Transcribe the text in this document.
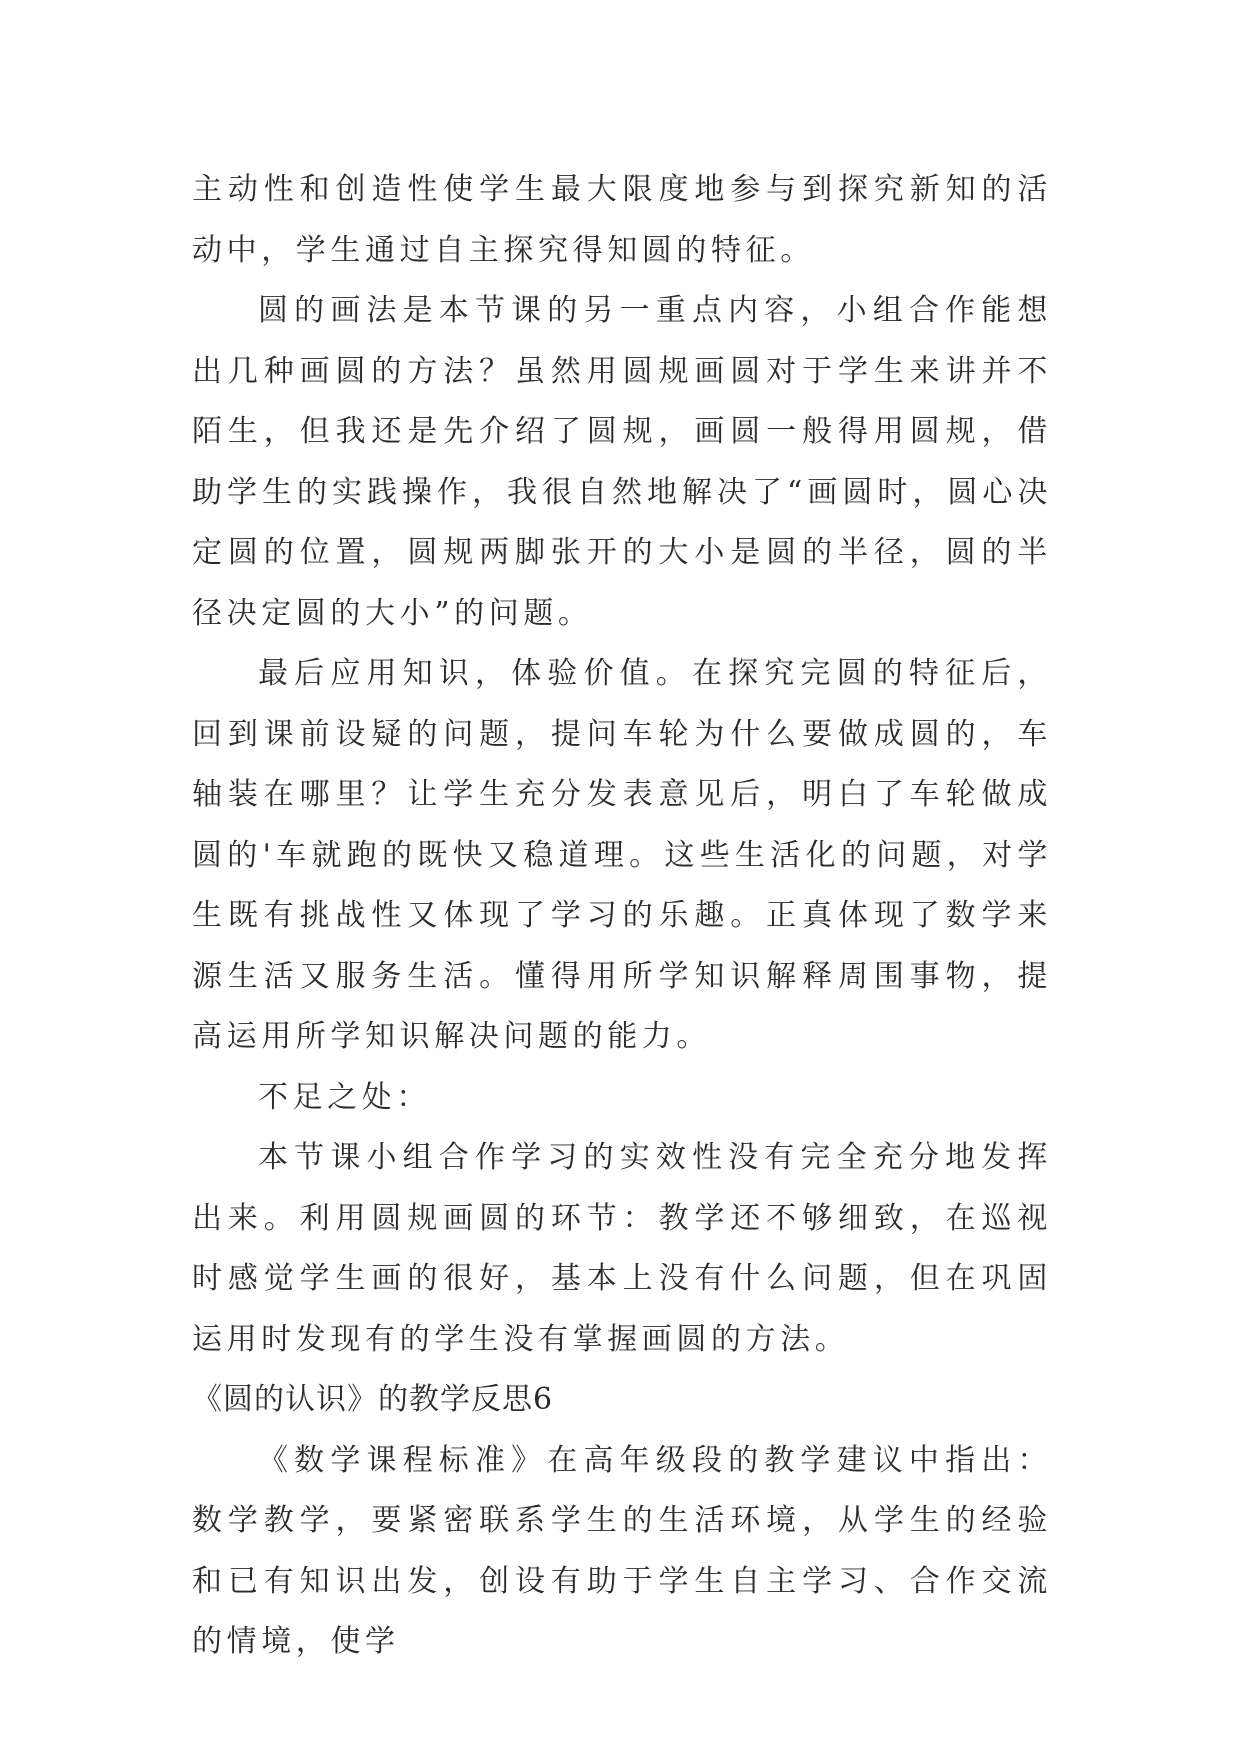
主动性和创造性使学生最大限度地参与到探究新知的活动中，学生通过自主探究得知圆的特征。

圆的画法是本节课的另一重点内容，小组合作能想出几种画圆的方法？虽然用圆规画圆对于学生来讲并不陌生，但我还是先介绍了圆规，画圆一般得用圆规，借助学生的实践操作，我很自然地解决了“画圆时，圆心决定圆的位置，圆规两脚张开的大小是圆的半径，圆的半径决定圆的大小”的问题。

最后应用知识，体验价值。在探究完圆的特征后，回到课前设疑的问题，提问车轮为什么要做成圆的，车轴装在哪里？让学生充分发表意见后，明白了车轮做成圆的'车就跑的既快又稳道理。这些生活化的问题，对学生既有挑战性又体现了学习的乐趣。正真体现了数学来源生活又服务生活。懂得用所学知识解释周围事物，提高运用所学知识解决问题的能力。

不足之处：

本节课小组合作学习的实效性没有完全充分地发挥出来。利用圆规画圆的环节：教学还不够细致，在巡视时感觉学生画的很好，基本上没有什么问题，但在巩固运用时发现有的学生没有掌握画圆的方法。

《圆的认识》的教学反思6

《数学课程标准》在高年级段的教学建议中指出：数学教学，要紧密联系学生的生活环境，从学生的经验和已有知识出发，创设有助于学生自主学习、合作交流的情境，使学
